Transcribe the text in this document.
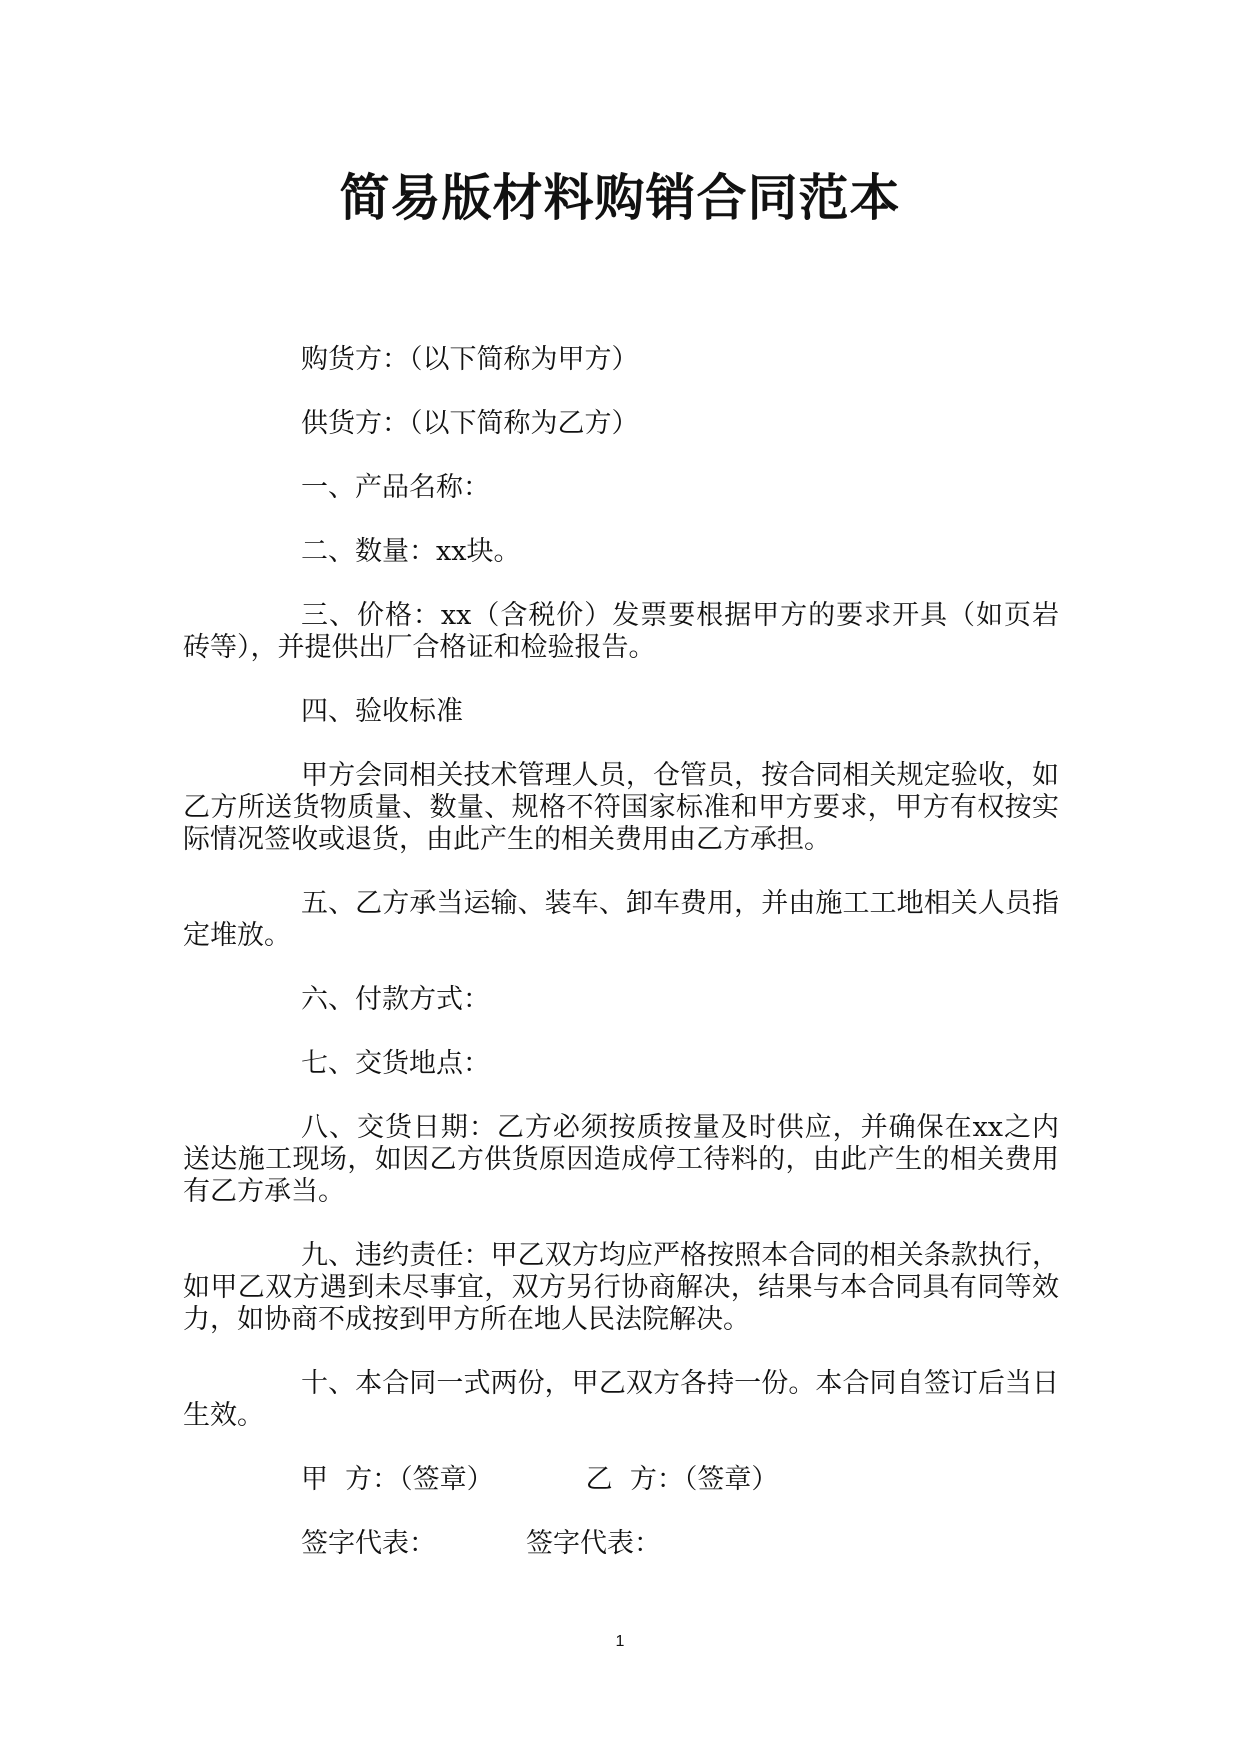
简易版材料购销合同范本

购货方：（以下简称为甲方）

供货方：（以下简称为乙方）

一、产品名称：

二、数量：xx块。

三、价格：xx（含税价）发票要根据甲方的要求开具（如页岩砖等），并提供出厂合格证和检验报告。

四、验收标准

甲方会同相关技术管理人员，仓管员，按合同相关规定验收，如乙方所送货物质量、数量、规格不符国家标准和甲方要求，甲方有权按实际情况签收或退货，由此产生的相关费用由乙方承担。

五、乙方承当运输、装车、卸车费用，并由施工工地相关人员指定堆放。

六、付款方式：

七、交货地点：

八、交货日期：乙方必须按质按量及时供应，并确保在xx之内送达施工现场，如因乙方供货原因造成停工待料的，由此产生的相关费用有乙方承当。

九、违约责任：甲乙双方均应严格按照本合同的相关条款执行，如甲乙双方遇到未尽事宜，双方另行协商解决，结果与本合同具有同等效力，如协商不成按到甲方所在地人民法院解决。

十、本合同一式两份，甲乙双方各持一份。本合同自签订后当日生效。

甲  方：（签章）	乙  方：（签章）
签字代表：	签字代表：
1
